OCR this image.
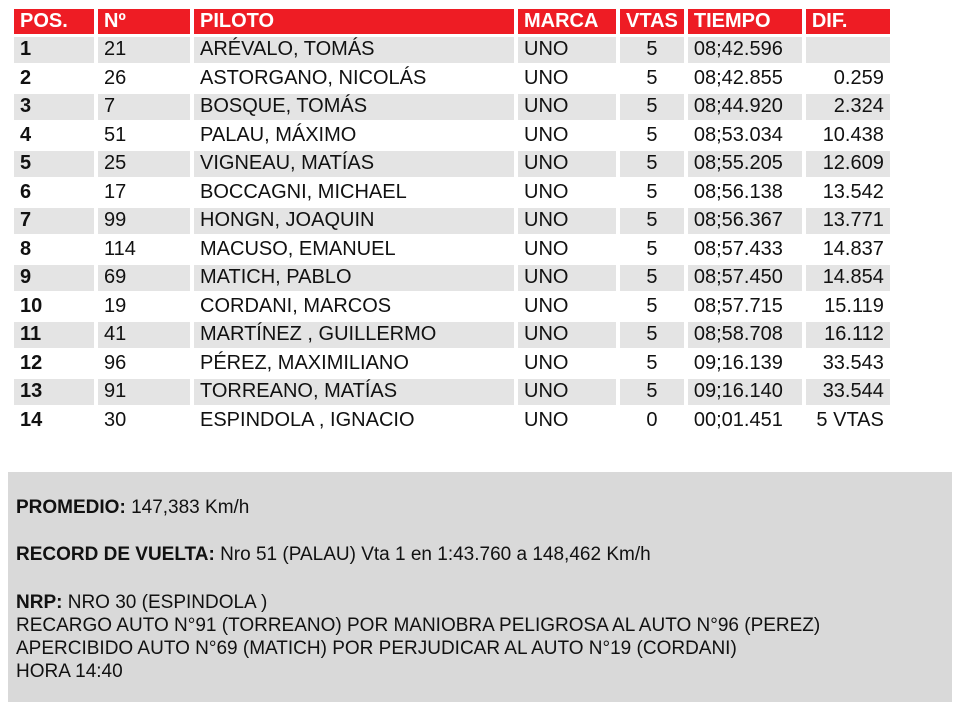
POS.	Nº	PILOTO	MARCA	VTAS	TIEMPO	DIF.
1	21	ARÉVALO, TOMÁS	UNO	5	08;42.596	
2	26	ASTORGANO, NICOLÁS	UNO	5	08;42.855	0.259
3	7	BOSQUE, TOMÁS	UNO	5	08;44.920	2.324
4	51	PALAU, MÁXIMO	UNO	5	08;53.034	10.438
5	25	VIGNEAU, MATÍAS	UNO	5	08;55.205	12.609
6	17	BOCCAGNI, MICHAEL	UNO	5	08;56.138	13.542
7	99	HONGN, JOAQUIN	UNO	5	08;56.367	13.771
8	114	MACUSO, EMANUEL	UNO	5	08;57.433	14.837
9	69	MATICH, PABLO	UNO	5	08;57.450	14.854
10	19	CORDANI, MARCOS	UNO	5	08;57.715	15.119
11	41	MARTÍNEZ , GUILLERMO	UNO	5	08;58.708	16.112
12	96	PÉREZ, MAXIMILIANO	UNO	5	09;16.139	33.543
13	91	TORREANO, MATÍAS	UNO	5	09;16.140	33.544
14	30	ESPINDOLA , IGNACIO	UNO	0	00;01.451	5 VTAS
PROMEDIO: 147,383 Km/h
RECORD DE VUELTA: Nro 51 (PALAU) Vta 1 en 1:43.760 a 148,462 Km/h
NRP: NRO 30 (ESPINDOLA )
RECARGO AUTO N°91 (TORREANO) POR MANIOBRA PELIGROSA AL AUTO N°96 (PEREZ)
APERCIBIDO AUTO N°69 (MATICH) POR PERJUDICAR AL AUTO N°19 (CORDANI)
HORA 14:40
